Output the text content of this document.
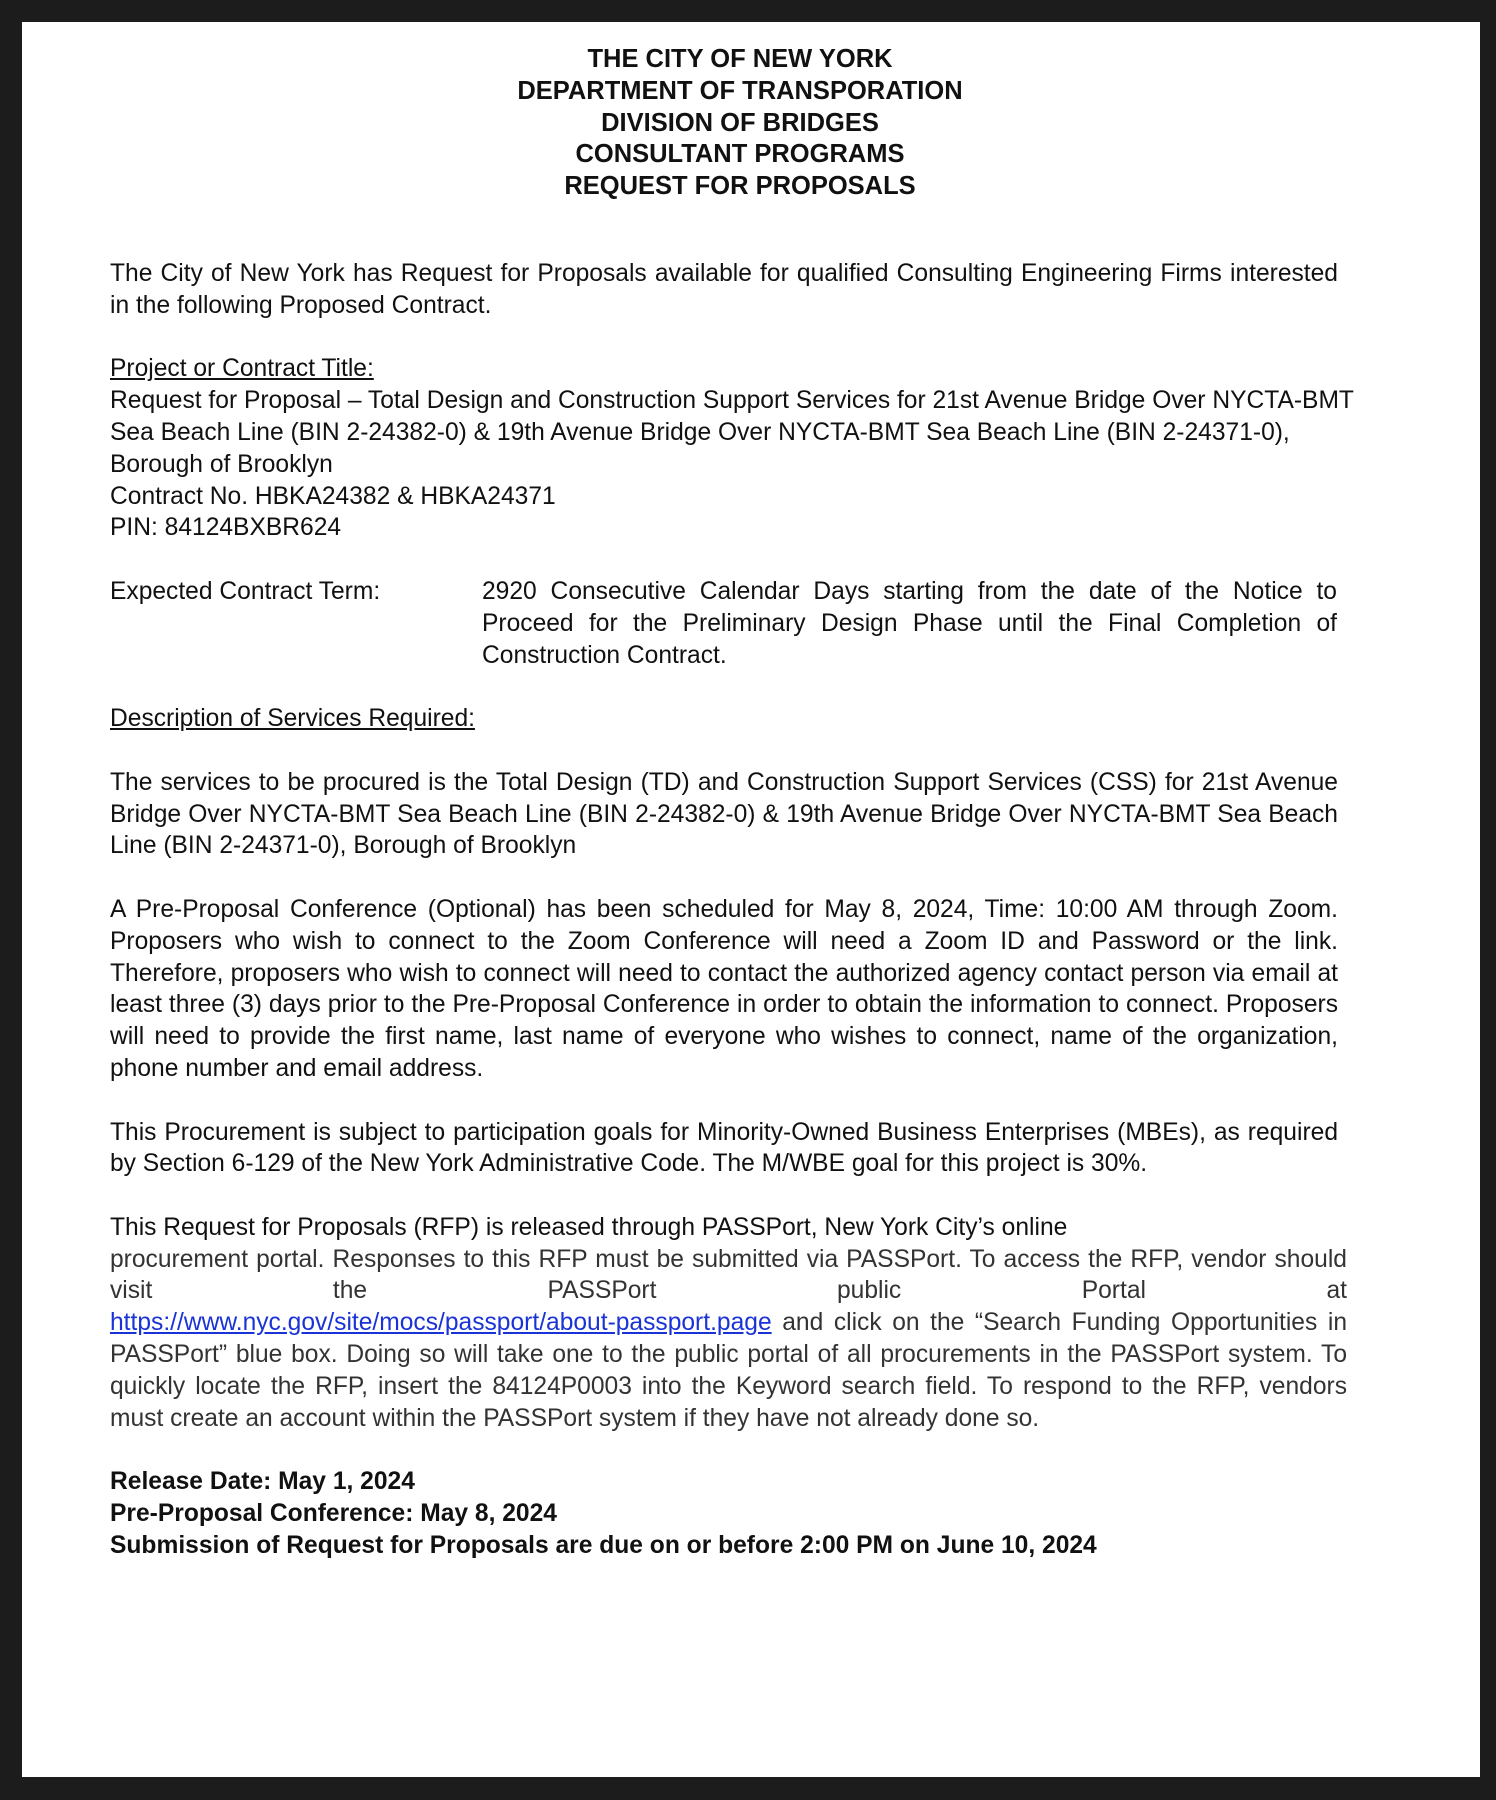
THE CITY OF NEW YORK
DEPARTMENT OF TRANSPORATION
DIVISION OF BRIDGES
CONSULTANT PROGRAMS
REQUEST FOR PROPOSALS

The City of New York has Request for Proposals available for qualified Consulting Engineering Firms interested in the following Proposed Contract.

Project or Contract Title:
Request for Proposal – Total Design and Construction Support Services for 21st Avenue Bridge Over NYCTA-BMT Sea Beach Line (BIN 2-24382-0) & 19th Avenue Bridge Over NYCTA-BMT Sea Beach Line (BIN 2-24371-0), Borough of Brooklyn
Contract No. HBKA24382 & HBKA24371
PIN: 84124BXBR624
Expected Contract Term:	2920 Consecutive Calendar Days starting from the date of the Notice to Proceed for the Preliminary Design Phase until the Final Completion of Construction Contract.

Description of Services Required:

The services to be procured is the Total Design (TD) and Construction Support Services (CSS) for 21st Avenue Bridge Over NYCTA-BMT Sea Beach Line (BIN 2-24382-0) & 19th Avenue Bridge Over NYCTA-BMT Sea Beach Line (BIN 2-24371-0), Borough of Brooklyn

A Pre-Proposal Conference (Optional) has been scheduled for May 8, 2024, Time: 10:00 AM through Zoom. Proposers who wish to connect to the Zoom Conference will need a Zoom ID and Password or the link. Therefore, proposers who wish to connect will need to contact the authorized agency contact person via email at least three (3) days prior to the Pre-Proposal Conference in order to obtain the information to connect. Proposers will need to provide the first name, last name of everyone who wishes to connect, name of the organization, phone number and email address.

This Procurement is subject to participation goals for Minority-Owned Business Enterprises (MBEs), as required by Section 6-129 of the New York Administrative Code. The M/WBE goal for this project is 30%.

This Request for Proposals (RFP) is released through PASSPort, New York City’s online
procurement portal. Responses to this RFP must be submitted via PASSPort. To access the RFP, vendor should visit the PASSPort public Portal at
https://www.nyc.gov/site/mocs/passport/about-passport.page and click on the “Search Funding Opportunities in PASSPort” blue box. Doing so will take one to the public portal of all procurements in the PASSPort system. To quickly locate the RFP, insert the 84124P0003 into the Keyword search field. To respond to the RFP, vendors must create an account within the PASSPort system if they have not already done so.
Release Date: May 1, 2024
Pre-Proposal Conference: May 8, 2024
Submission of Request for Proposals are due on or before 2:00 PM on June 10, 2024
